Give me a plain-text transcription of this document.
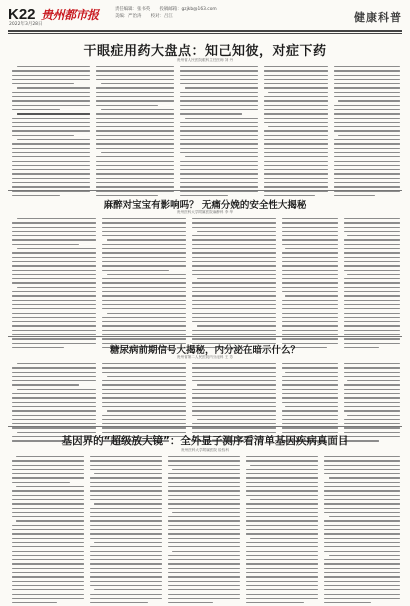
K22
2022年3月28日
贵州都市报	责任编辑：张书英 投稿邮箱：gzjkb@163.com
美编：严治涛 校对：吕江	健康科普
干眼症用药大盘点：知己知彼，对症下药
贵州省人民医院眼科主任医师 刘 丹
麻醉对宝宝有影响吗？ 无痛分娩的安全性大揭秘
贵州医科大学附属医院麻醉科 李 华
糖尿病前期信号大揭秘，内分泌在暗示什么？
贵州省第二人民医院内分泌科 王 芳
基因界的“超级放大镜”：全外显子测序看清单基因疾病真面目
贵州医科大学附属医院 检验科
